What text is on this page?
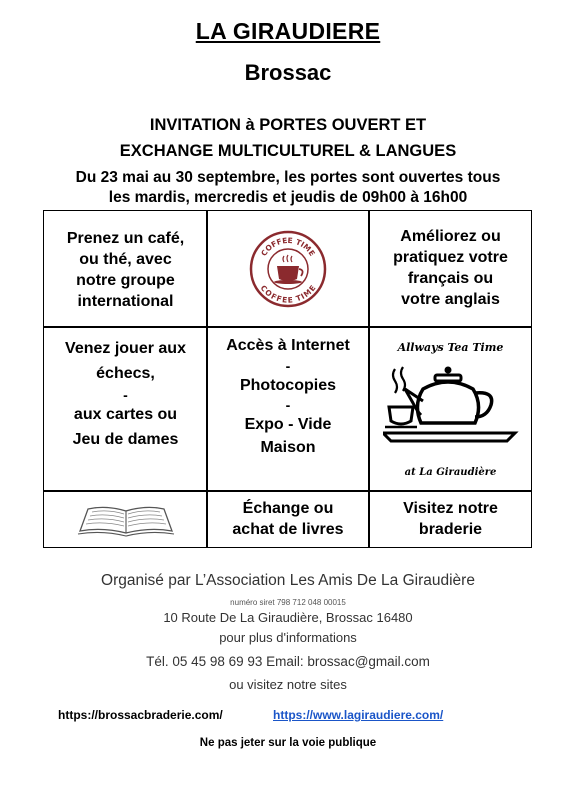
LA GIRAUDIERE
Brossac
INVITATION à PORTES OUVERT ET
EXCHANGE MULTICULTUREL & LANGUES
Du 23 mai au 30 septembre, les portes sont ouvertes tous
les mardis, mercredis et jeudis de 09h00 à 16h00
Prenez un café,
ou thé, avec
notre groupe
international
COFFEE TIME
COFFEE TIME
Améliorez ou
pratiquez votre
français ou
votre anglais
Venez jouer aux
échecs,
-
aux cartes ou
Jeu de dames
Accès à Internet
-
Photocopies
-
Expo - Vide
Maison
Allways Tea Time
at La Giraudière
Échange ou
achat de livres
Visitez notre
braderie
Organisé par L’Association Les Amis De La Giraudière
numéro siret 798 712 048 00015
10 Route De La Giraudière, Brossac 16480
pour plus d'informations
Tél. 05 45 98 69 93 Email: brossac@gmail.com
ou visitez notre sites
https://brossacbraderie.com/	https://www.lagiraudiere.com/
Ne pas jeter sur la voie publique
